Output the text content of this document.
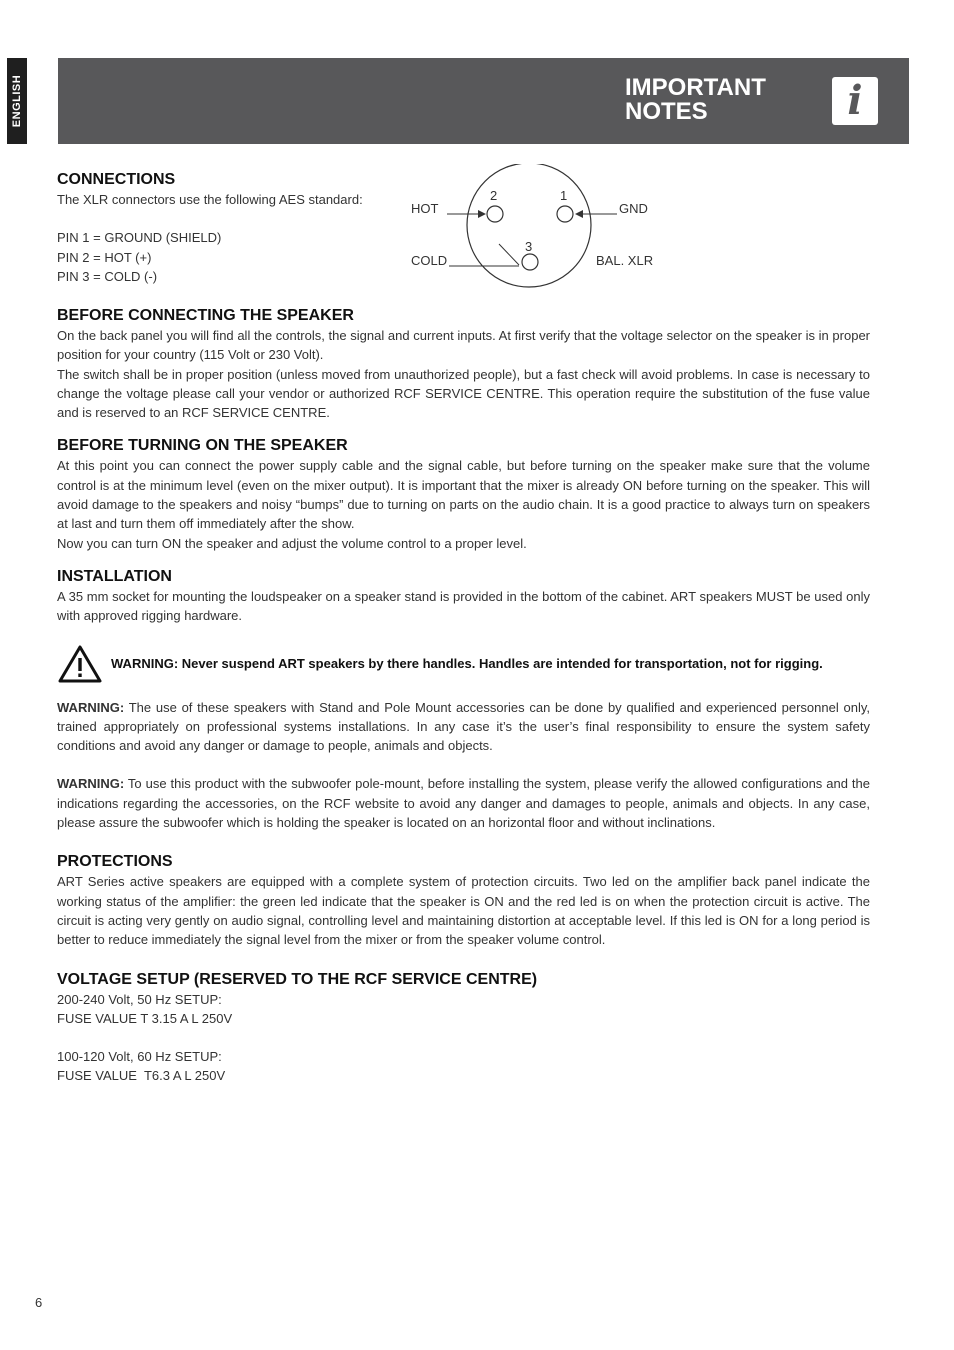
ENGLISH	IMPORTANT
NOTES	i
CONNECTIONS

The XLR connectors use the following AES standard:

PIN 1 = GROUND (SHIELD)
PIN 2 = HOT (+)
PIN 3 = COLD (-)
2	1
3
HOT	GND
COLD	BAL. XLR
BEFORE CONNECTING THE SPEAKER

On the back panel you will find all the controls, the signal and current inputs. At first verify that the voltage selector on the speaker is in proper position for your country (115 Volt or 230 Volt).

The switch shall be in proper position (unless moved from unauthorized people), but a fast check will avoid problems. In case is necessary to change the voltage please call your vendor or authorized RCF SERVICE CENTRE. This operation require the substitution of the fuse value and is reserved to an RCF SERVICE CENTRE.

BEFORE TURNING ON THE SPEAKER

At this point you can connect the power supply cable and the signal cable, but before turning on the speaker make sure that the volume control is at the minimum level (even on the mixer output). It is important that the mixer is already ON before turning on the speaker. This will avoid damage to the speakers and noisy “bumps” due to turning on parts on the audio chain. It is a good practice to always turn on speakers at last and turn them off immediately after the show.

Now you can turn ON the speaker and adjust the volume control to a proper level.

INSTALLATION

A 35 mm socket for mounting the loudspeaker on a speaker stand is provided in the bottom of the cabinet. ART speakers MUST be used only with approved rigging hardware.

WARNING: Never suspend ART speakers by there handles. Handles are intended for transportation, not for rigging.

WARNING: The use of these speakers with Stand and Pole Mount accessories can be done by qualified and experienced personnel only, trained appropriately on professional systems installations. In any case it’s the user’s final responsibility to ensure the system safety conditions and avoid any danger or damage to people, animals and objects.

WARNING: To use this product with the subwoofer pole-mount, before installing the system, please verify the allowed configurations and the indications regarding the accessories, on the RCF website to avoid any danger and damages to people, animals and objects. In any case, please assure the subwoofer which is holding the speaker is located on an horizontal floor and without inclinations.

PROTECTIONS

ART Series active speakers are equipped with a complete system of protection circuits. Two led on the amplifier back panel indicate the working status of the amplifier: the green led indicate that the speaker is ON and the red led is on when the protection circuit is active. The circuit is acting very gently on audio signal, controlling level and maintaining distortion at acceptable level. If this led is ON for a long period is better to reduce immediately the signal level from the mixer or from the speaker volume control.

VOLTAGE SETUP (RESERVED TO THE RCF SERVICE CENTRE)
200-240 Volt, 50 Hz SETUP:
FUSE VALUE T 3.15 A L 250V
100-120 Volt, 60 Hz SETUP:
FUSE VALUE  T6.3 A L 250V
6
